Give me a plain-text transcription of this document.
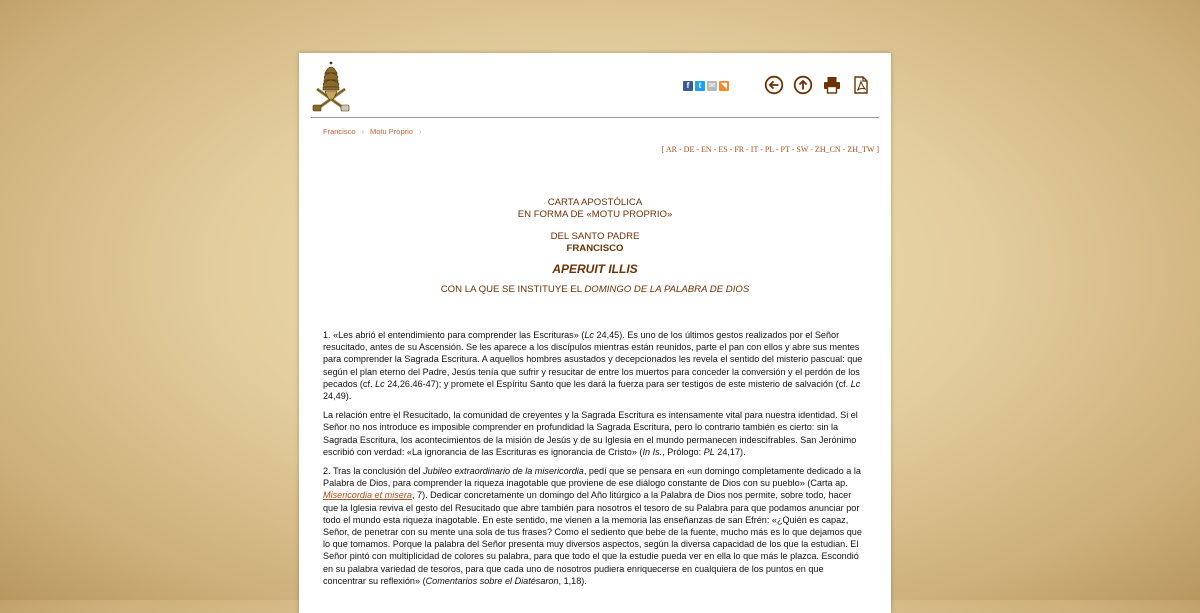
f	t ✉ ◥
Francisco › Motu Proprio ›
[ AR - DE - EN - ES - FR - IT - PL - PT - SW - ZH_CN - ZH_TW ]

CARTA APOSTÓLICA

EN FORMA DE «MOTU PROPRIO»

DEL SANTO PADRE

FRANCISCO

APERUIT ILLIS

CON LA QUE SE INSTITUYE EL DOMINGO DE LA PALABRA DE DIOS

1. «Les abrió el entendimiento para comprender las Escrituras» (Lc 24,45). Es uno de los últimos gestos realizados por el Señor resucitado, antes de su Ascensión. Se les aparece a los discípulos mientras están reunidos, parte el pan con ellos y abre sus mentes para comprender la Sagrada Escritura. A aquellos hombres asustados y decepcionados les revela el sentido del misterio pascual: que según el plan eterno del Padre, Jesús tenía que sufrir y resucitar de entre los muertos para conceder la conversión y el perdón de los pecados (cf. Lc 24,26.46-47); y promete el Espíritu Santo que les dará la fuerza para ser testigos de este misterio de salvación (cf. Lc 24,49).

La relación entre el Resucitado, la comunidad de creyentes y la Sagrada Escritura es intensamente vital para nuestra identidad. Si el Señor no nos introduce es imposible comprender en profundidad la Sagrada Escritura, pero lo contrario también es cierto: sin la Sagrada Escritura, los acontecimientos de la misión de Jesús y de su Iglesia en el mundo permanecen indescifrables. San Jerónimo escribió con verdad: «La ignorancia de las Escrituras es ignorancia de Cristo» (In Is., Prólogo: PL 24,17).

2. Tras la conclusión del Jubileo extraordinario de la misericordia, pedí que se pensara en «un domingo completamente dedicado a la Palabra de Dios, para comprender la riqueza inagotable que proviene de ese diálogo constante de Dios con su pueblo» (Carta ap. Misericordia et misera, 7). Dedicar concretamente un domingo del Año litúrgico a la Palabra de Dios nos permite, sobre todo, hacer que la Iglesia reviva el gesto del Resucitado que abre también para nosotros el tesoro de su Palabra para que podamos anunciar por todo el mundo esta riqueza inagotable. En este sentido, me vienen a la memoria las enseñanzas de san Efrén: «¿Quién es capaz, Señor, de penetrar con su mente una sola de tus frases? Como el sediento que bebe de la fuente, mucho más es lo que dejamos que lo que tomamos. Porque la palabra del Señor presenta muy diversos aspectos, según la diversa capacidad de los que la estudian. El Señor pintó con multiplicidad de colores su palabra, para que todo el que la estudie pueda ver en ella lo que más le plazca. Escondió en su palabra variedad de tesoros, para que cada uno de nosotros pudiera enriquecerse en cualquiera de los puntos en que concentrar su reflexión» (Comentarios sobre el Diatésaron, 1,18).
